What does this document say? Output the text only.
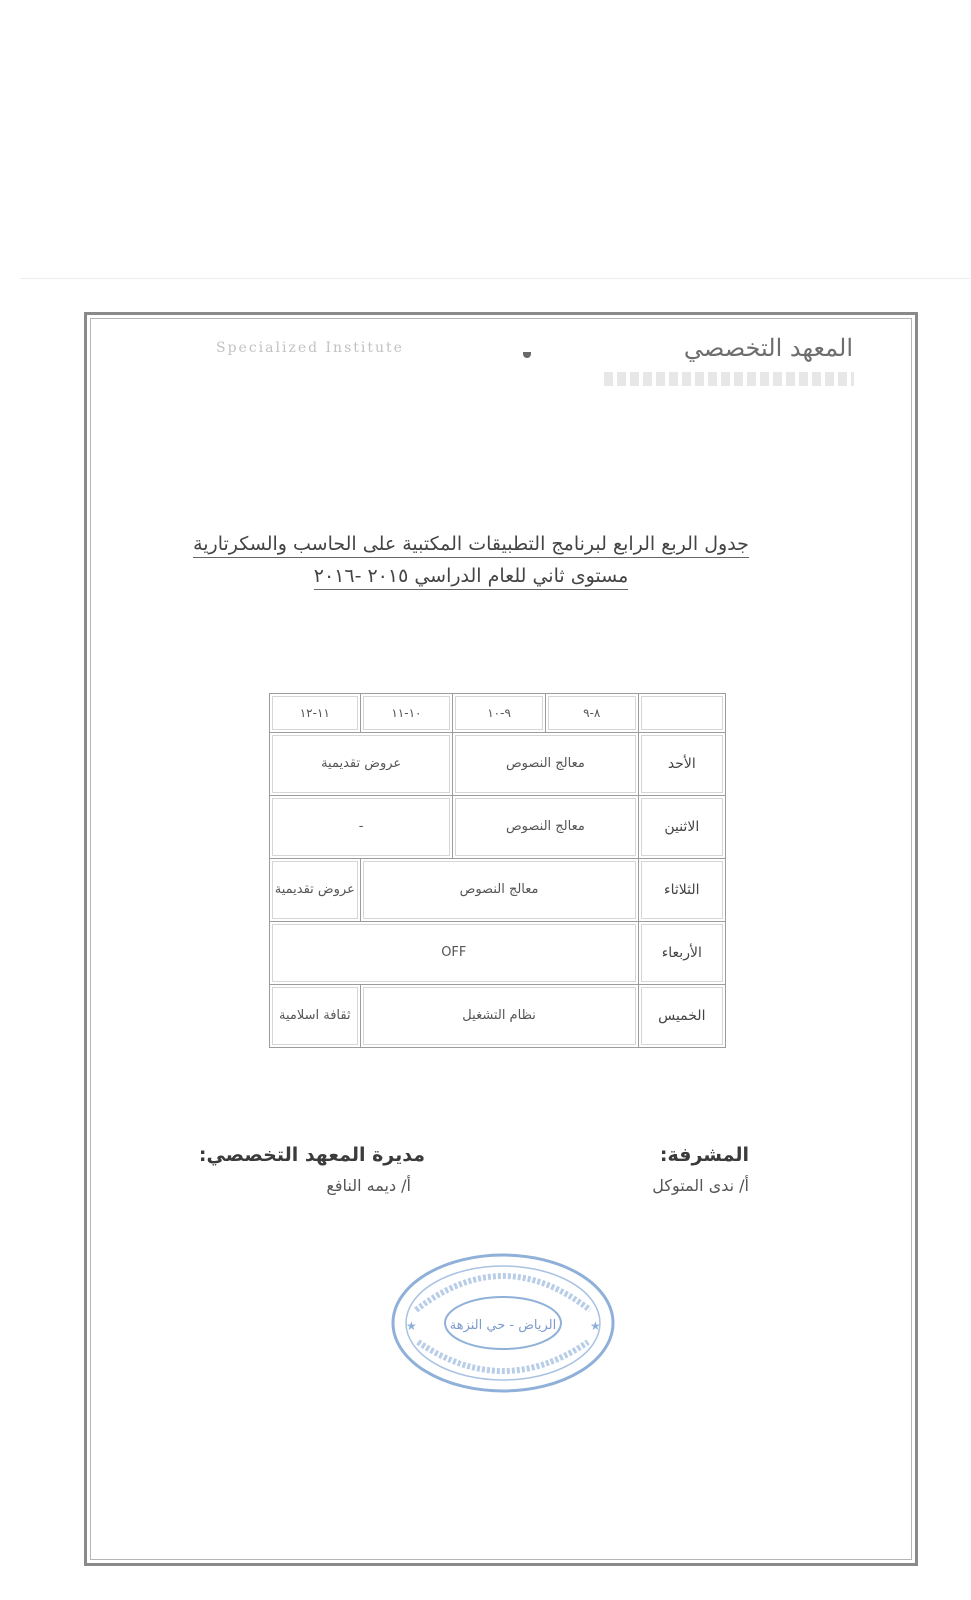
Specialized Institute	المعهد التخصصي
جدول الربع الرابع لبرنامج التطبيقات المكتبية على الحاسب والسكرتارية
مستوى ثاني للعام الدراسي ٢٠١٥ -٢٠١٦
	٨-٩	٩-١٠	١٠-١١	١١-١٢
الأحد	معالج النصوص		عروض تقديمية	
الاثنين	معالج النصوص		-	
الثلاثاء	معالج النصوص			عروض تقديمية
الأربعاء	OFF			
الخميس	نظام التشغيل			ثقافة اسلامية
المشرفة:
أ/ ندى المتوكل
مديرة المعهد التخصصي:
أ/ ديمه النافع
★	★
الرياض - حي النزهة
